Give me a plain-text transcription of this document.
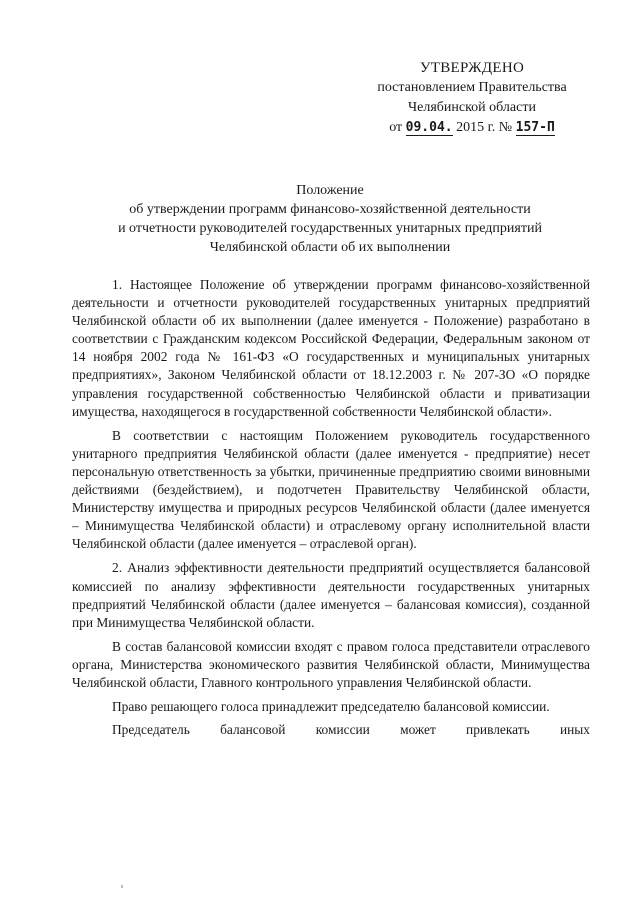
УТВЕРЖДЕНО
постановлением Правительства
Челябинской области
от 09.04. 2015 г. № 157-П
Положение
об утверждении программ финансово-хозяйственной деятельности
и отчетности руководителей государственных унитарных предприятий
Челябинской области об их выполнении

1. Настоящее Положение об утверждении программ финансово-хозяйственной деятельности и отчетности руководителей государственных унитарных предприятий Челябинской области об их выполнении (далее именуется - Положение) разработано в соответствии с Гражданским кодексом Российской Федерации, Федеральным законом от 14 ноября 2002 года № 161-ФЗ «О государственных и муниципальных унитарных предприятиях», Законом Челябинской области от 18.12.2003 г. № 207-ЗО «О порядке управления государственной собственностью Челябинской области и приватизации имущества, находящегося в государственной собственности Челябинской области».

В соответствии с настоящим Положением руководитель государственного унитарного предприятия Челябинской области (далее именуется - предприятие) несет персональную ответственность за убытки, причиненные предприятию своими виновными действиями (бездействием), и подотчетен Правительству Челябинской области, Министерству имущества и природных ресурсов Челябинской области (далее именуется – Минимущества Челябинской области) и отраслевому органу исполнительной власти Челябинской области (далее именуется – отраслевой орган).

2. Анализ эффективности деятельности предприятий осуществляется балансовой комиссией по анализу эффективности деятельности государственных унитарных предприятий Челябинской области (далее именуется – балансовая комиссия), созданной при Минимущества Челябинской области.

В состав балансовой комиссии входят с правом голоса представители отраслевого органа, Министерства экономического развития Челябинской области, Минимущества Челябинской области, Главного контрольного управления Челябинской области.

Право решающего голоса принадлежит председателю балансовой комиссии.

Председатель балансовой комиссии может привлекать иных
